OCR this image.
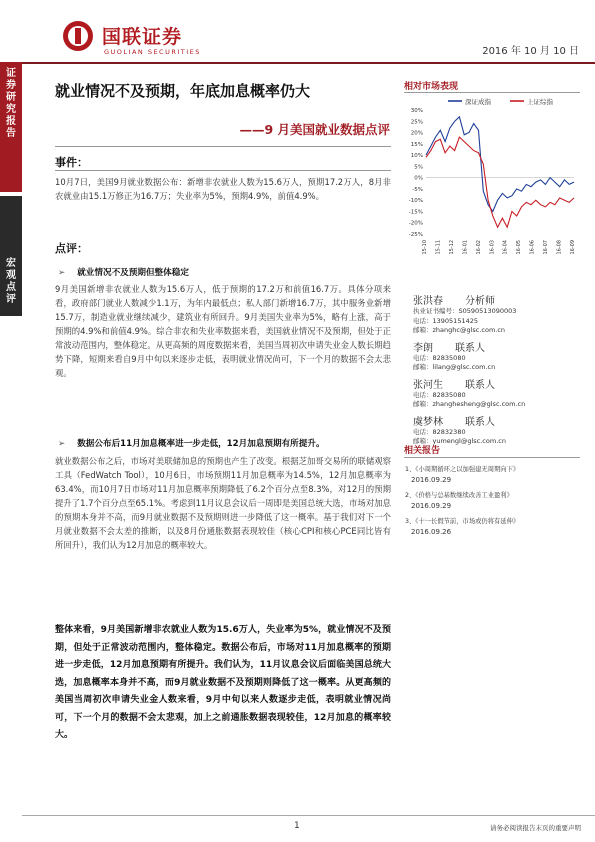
国联证券
GUOLIAN SECURITIES	2016 年 10 月 10 日
证
券
研
究
报
告
宏
观
点
评
就业情况不及预期，年底加息概率仍大
——9 月美国就业数据点评
事件：
10月7日，美国9月就业数据公布：新增非农就业人数为15.6万人，预期17.2万人，8月非农就业由15.1万修正为16.7万；失业率为5%，预期4.9%，前值4.9%。
点评：
➢ 就业情况不及预期但整体稳定
9月美国新增非农就业人数为15.6万人，低于预期的17.2万和前值16.7万。具体分项来看，政府部门就业人数减少1.1万，为年内最低点；私人部门新增16.7万，其中服务业新增15.7万，制造业就业继续减少，建筑业有所回升。9月美国失业率为5%，略有上涨，高于预期的4.9%和前值4.9%。综合非农和失业率数据来看，美国就业情况不及预期，但处于正常波动范围内，整体稳定。从更高频的周度数据来看，美国当周初次申请失业金人数长期趋势下降，短期来看自9月中旬以来逐步走低，表明就业情况尚可，下一个月的数据不会太悲观。
➢ 数据公布后11月加息概率进一步走低，12月加息预期有所提升。
就业数据公布之后，市场对美联储加息的预期也产生了改变。根据芝加哥交易所的联储观察工具（FedWatch Tool），10月6日，市场预期11月加息概率为14.5%，12月加息概率为63.4%，而10月7日市场对11月加息概率预期降低了6.2个百分点至8.3%，对12月的预期提升了1.7个百分点至65.1%。考虑到11月议息会议后一周即是美国总统大选，市场对加息的预期本身并不高，而9月就业数据不及预期则进一步降低了这一概率。基于我们对下一个月就业数据不会太差的推断，以及8月份通胀数据表现较佳（核心CPI和核心PCE同比皆有所回升），我们认为12月加息的概率较大。
整体来看，9月美国新增非农就业人数为15.6万人，失业率为5%，就业情况不及预期，但处于正常波动范围内，整体稳定。数据公布后，市场对11月加息概率的预期进一步走低，12月加息预期有所提升。我们认为，11月议息会议后面临美国总统大选，加息概率本身并不高，而9月就业数据不及预期则降低了这一概率。从更高频的美国当周初次申请失业金人数来看，9月中旬以来人数逐步走低，表明就业情况尚可，下一个月的数据不会太悲观，加上之前通胀数据表现较佳，12月加息的概率较大。
相对市场表现
深证成指	上证综指
30%
25%
20%
15%
10%
5%
0%
-5%
-10%
-15%
-20%
-25%
15-10 15-11 15-12 16-01 16-02 16-03 16-04 16-05 16-06 16-07 16-08 16-09
张洪春 分析师
执业证书编号：S0590513090003
电话：13905151425
邮箱：zhanghc@glsc.com.cn
李朗 联系人
电话：82835080
邮箱：lilang@glsc.com.cn
张河生 联系人
电话：82835080
邮箱：zhanghesheng@glsc.com.cn
虞梦林 联系人
电话：82832380
邮箱：yumengl@glsc.com.cn
相关报告
1、《小周期循环之以加强建无周期向下》
2016.09.29
2、《价格与总基数继续改善工业盈利》
2016.09.29
3、《十一长假节前，市场或仍将有延伸》
2016.09.26
1	请务必阅读报告末页的重要声明
